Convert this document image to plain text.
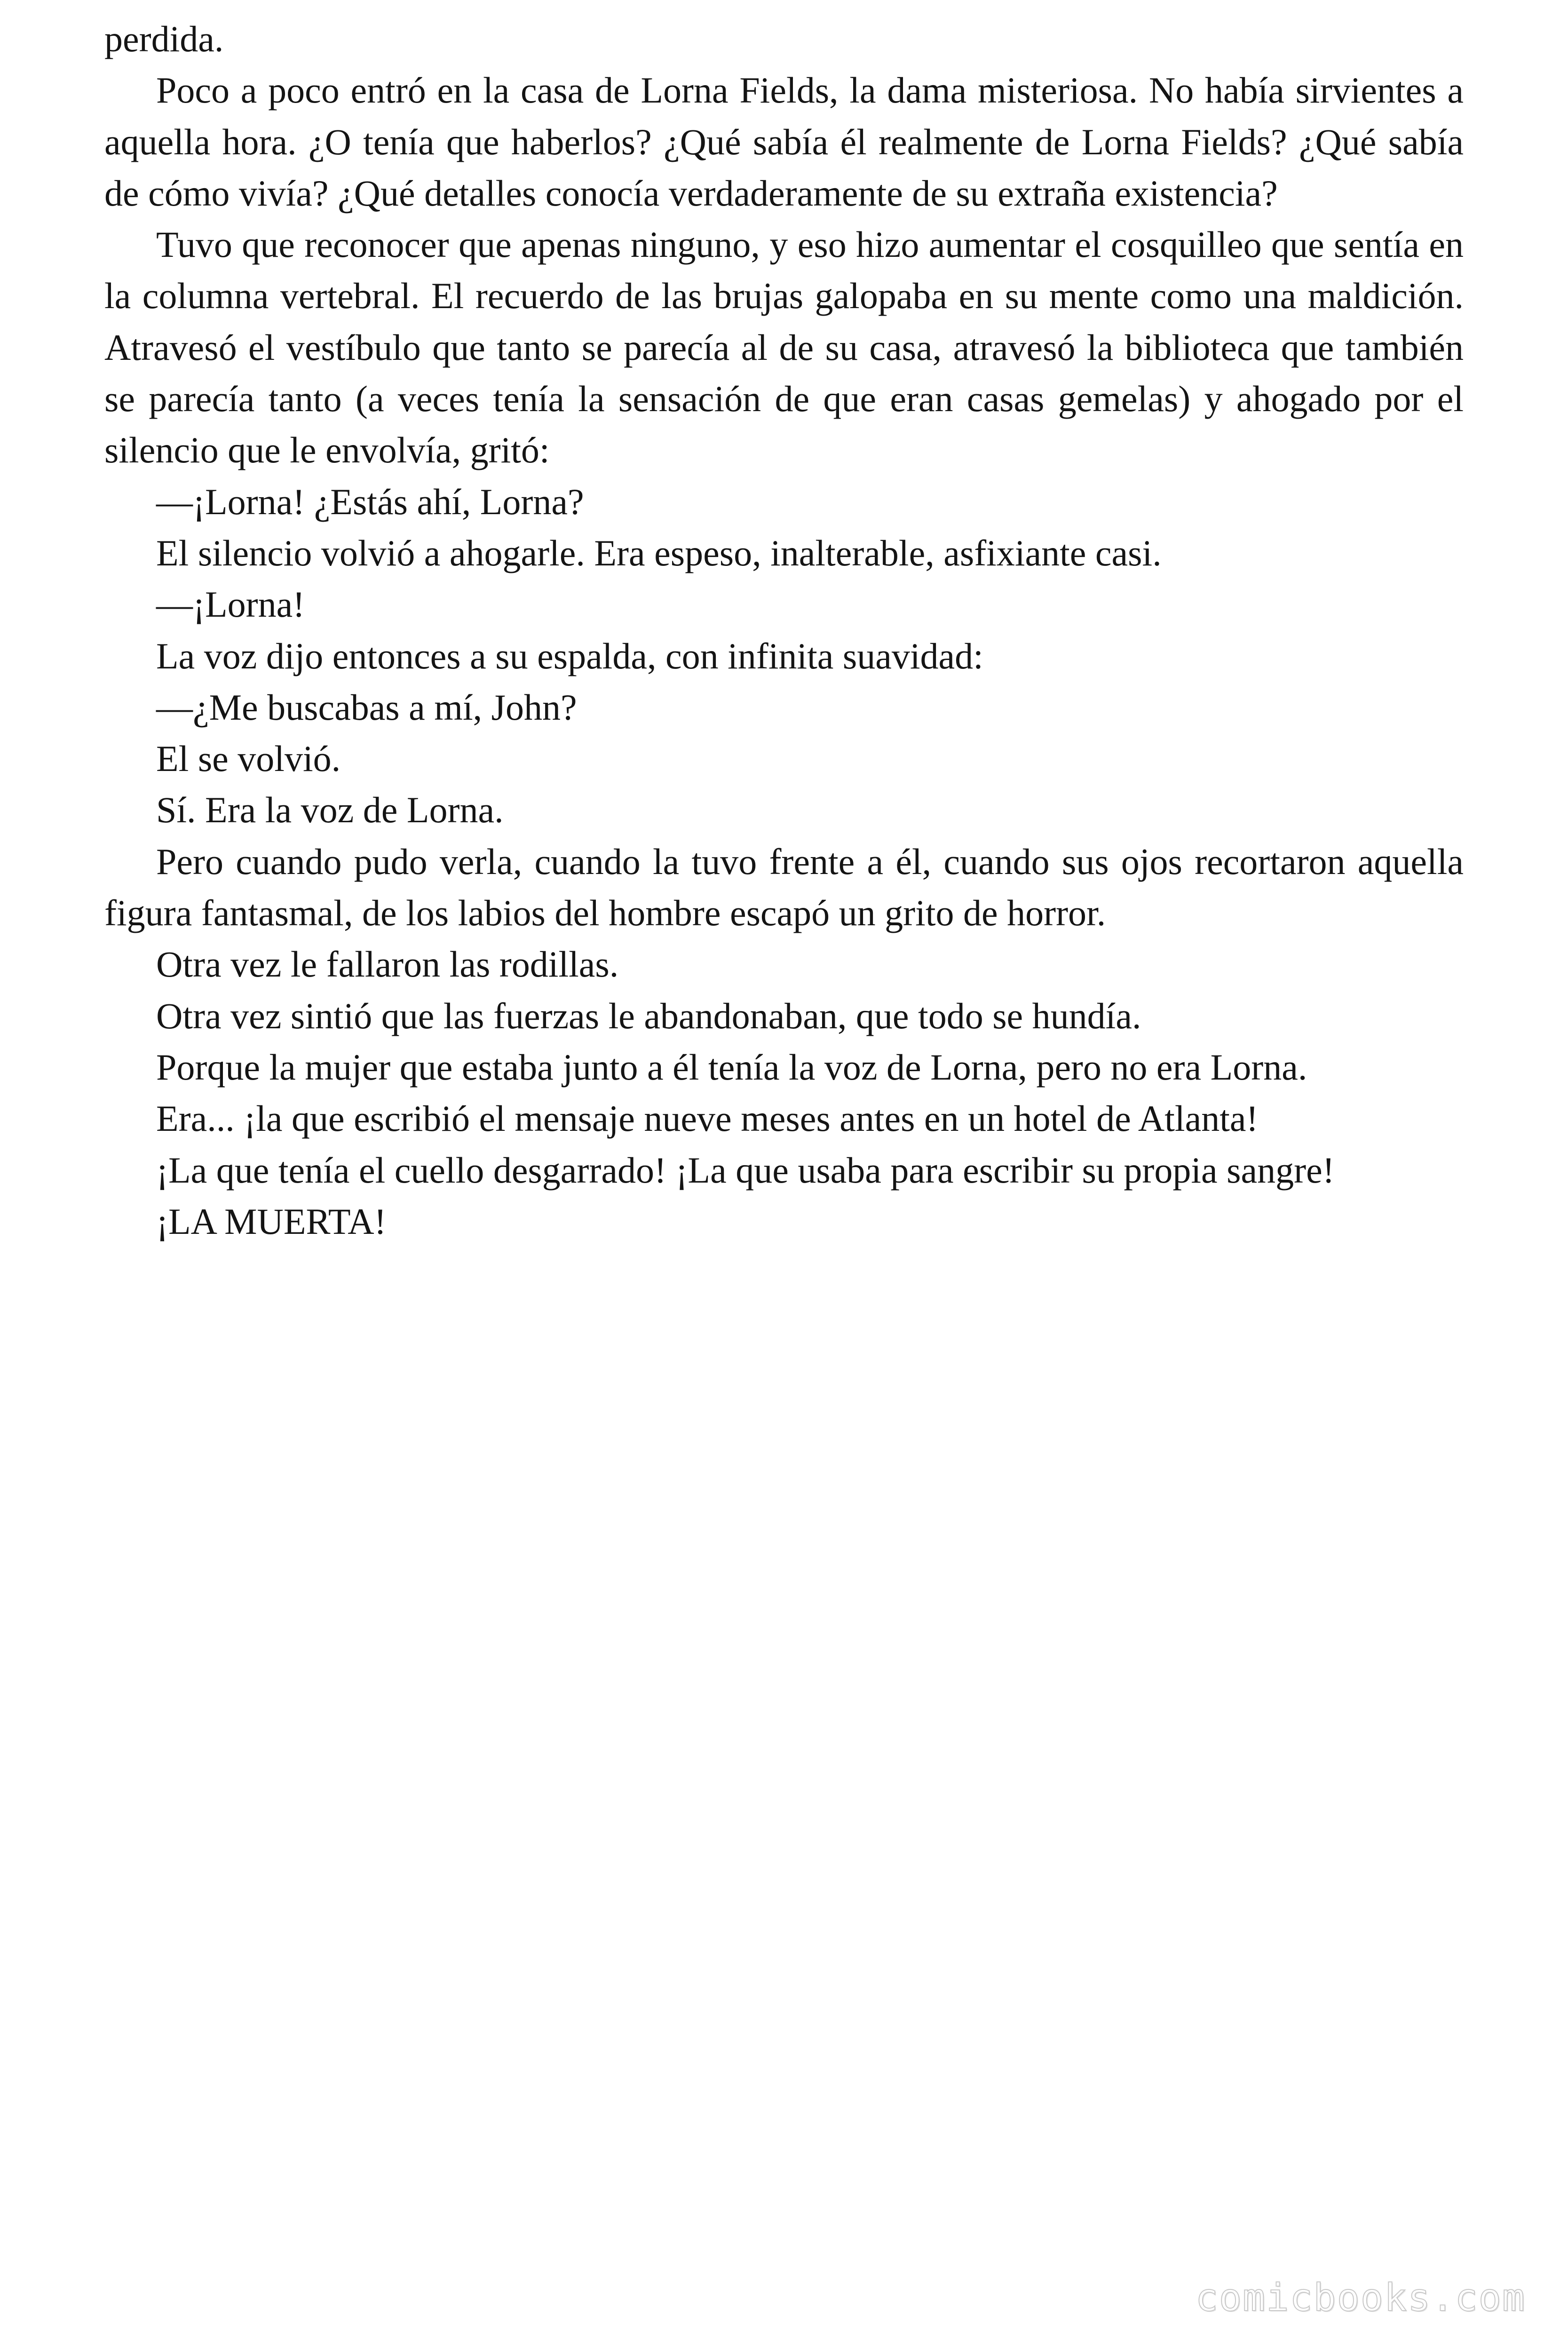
perdida.

Poco a poco entró en la casa de Lorna Fields, la dama misteriosa. No había sirvientes a aquella hora. ¿O tenía que haberlos? ¿Qué sabía él realmente de Lorna Fields? ¿Qué sabía de cómo vivía? ¿Qué detalles conocía verdaderamente de su extraña existencia?

Tuvo que reconocer que apenas ninguno, y eso hizo aumentar el cosquilleo que sentía en la columna vertebral. El recuerdo de las brujas galopaba en su mente como una maldición. Atravesó el vestíbulo que tanto se parecía al de su casa, atravesó la biblioteca que también se parecía tanto (a veces tenía la sensación de que eran casas gemelas) y ahogado por el silencio que le envolvía, gritó:

—¡Lorna! ¿Estás ahí, Lorna?

El silencio volvió a ahogarle. Era espeso, inalterable, asfixiante casi.

—¡Lorna!

La voz dijo entonces a su espalda, con infinita suavidad:

—¿Me buscabas a mí, John?

El se volvió.

Sí. Era la voz de Lorna.

Pero cuando pudo verla, cuando la tuvo frente a él, cuando sus ojos recortaron aquella figura fantasmal, de los labios del hombre escapó un grito de horror.

Otra vez le fallaron las rodillas.

Otra vez sintió que las fuerzas le abandonaban, que todo se hundía.

Porque la mujer que estaba junto a él tenía la voz de Lorna, pero no era Lorna.

Era... ¡la que escribió el mensaje nueve meses antes en un hotel de Atlanta!

¡La que tenía el cuello desgarrado! ¡La que usaba para escribir su propia sangre!

¡LA MUERTA!

comicbooks.com
